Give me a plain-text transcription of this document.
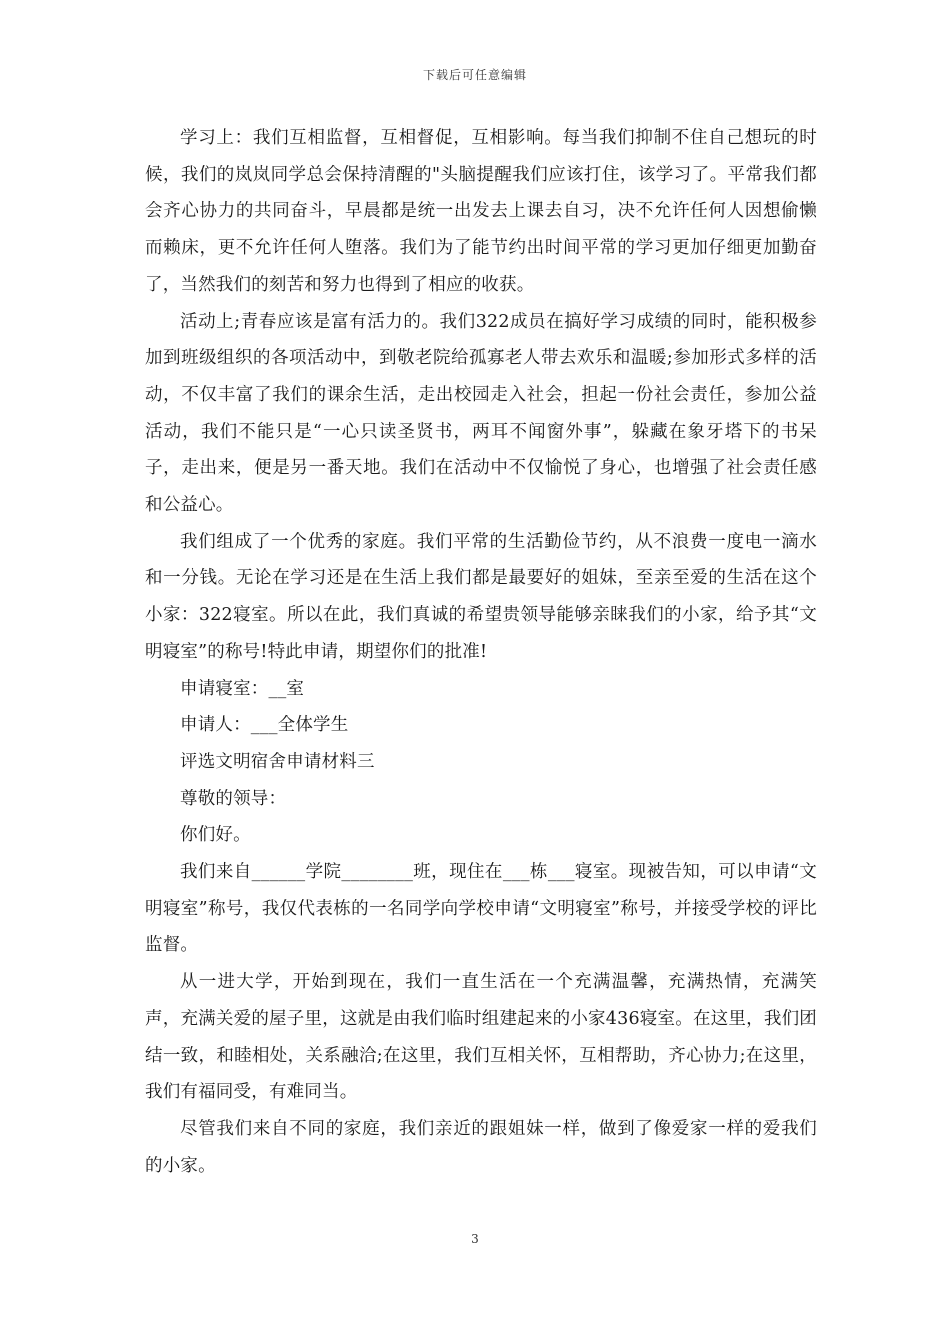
下载后可任意编辑

学习上：我们互相监督，互相督促，互相影响。每当我们抑制不住自己想玩的时候，我们的岚岚同学总会保持清醒的"头脑提醒我们应该打住，该学习了。平常我们都会齐心协力的共同奋斗，早晨都是统一出发去上课去自习，决不允许任何人因想偷懒而赖床，更不允许任何人堕落。我们为了能节约出时间平常的学习更加仔细更加勤奋了，当然我们的刻苦和努力也得到了相应的收获。

活动上;青春应该是富有活力的。我们322成员在搞好学习成绩的同时，能积极参加到班级组织的各项活动中，到敬老院给孤寡老人带去欢乐和温暖;参加形式多样的活动，不仅丰富了我们的课余生活，走出校园走入社会，担起一份社会责任，参加公益活动，我们不能只是“一心只读圣贤书，两耳不闻窗外事”，躲藏在象牙塔下的书呆子，走出来，便是另一番天地。我们在活动中不仅愉悦了身心，也增强了社会责任感和公益心。

我们组成了一个优秀的家庭。我们平常的生活勤俭节约，从不浪费一度电一滴水和一分钱。无论在学习还是在生活上我们都是最要好的姐妹，至亲至爱的生活在这个小家：322寝室。所以在此，我们真诚的希望贵领导能够亲睐我们的小家，给予其“文明寝室”的称号!特此申请，期望你们的批准!

申请寝室：__室

申请人：___全体学生

评选文明宿舍申请材料三

尊敬的领导：

你们好。

我们来自______学院________班，现住在___栋___寝室。现被告知，可以申请“文明寝室”称号，我仅代表栋的一名同学向学校申请“文明寝室”称号，并接受学校的评比监督。

从一进大学，开始到现在，我们一直生活在一个充满温馨，充满热情，充满笑声，充满关爱的屋子里，这就是由我们临时组建起来的小家436寝室。在这里，我们团结一致，和睦相处，关系融洽;在这里，我们互相关怀，互相帮助，齐心协力;在这里，我们有福同受，有难同当。

尽管我们来自不同的家庭，我们亲近的跟姐妹一样，做到了像爱家一样的爱我们的小家。

3
